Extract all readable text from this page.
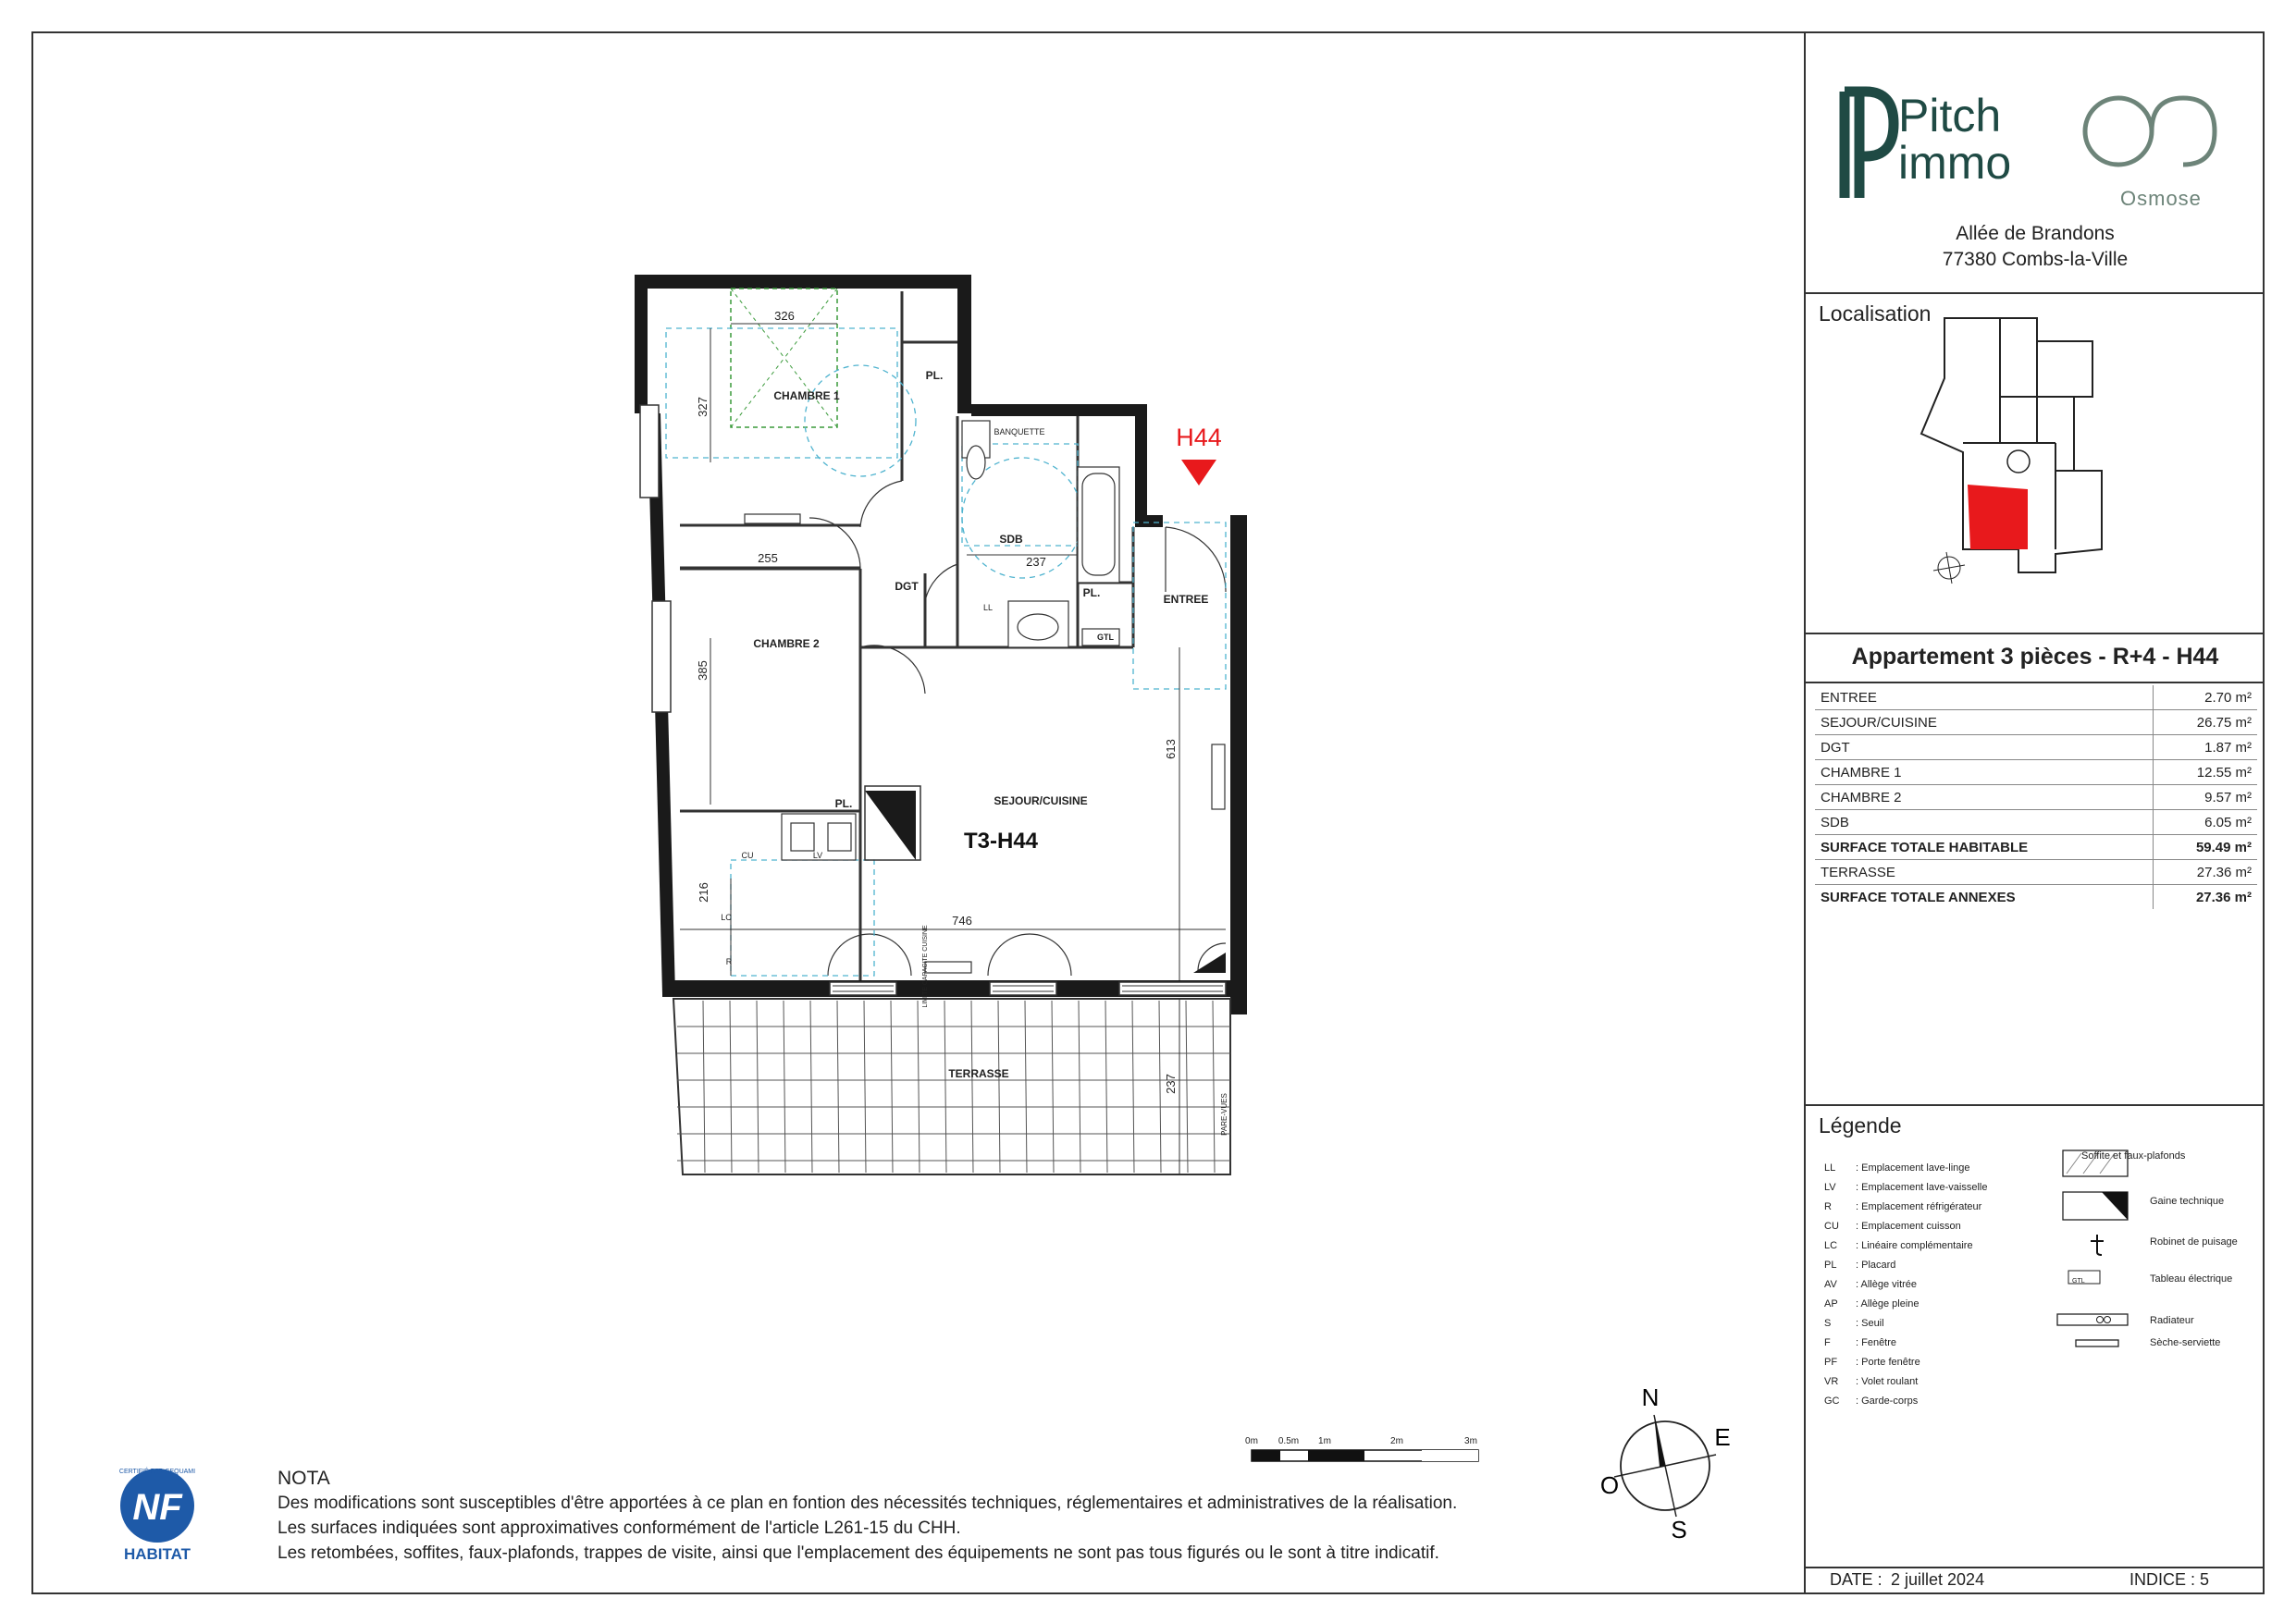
CHAMBRE 1
CHAMBRE 2
SDB
DGT
ENTREE
SEJOUR/CUISINE
TERRASSE
PL.
PL.
PL.
GTL
BANQUETTE
LL
LV
CU
LC
R	LIMITE CAPACITE CUISINE
PARE-VUES
326
327
255	237
385
613
216
746
237
T3-H44
H44
0m 0.5m 1m	2m	3m
N
E
S
O
NF
HABITAT
CERTIFIÉ PAR CEQUAMI	NOTA
Des modifications sont susceptibles d'être apportées à ce plan en fontion des nécessités techniques, réglementaires et administratives de la réalisation.
Les surfaces indiquées sont approximatives conformément de l'article L261-15 du CHH.
Les retombées, soffites, faux-plafonds, trappes de visite, ainsi que l'emplacement des équipements ne sont pas tous figurés ou le sont à titre indicatif.
Pitch
immo
Osmose
Allée de Brandons
77380 Combs-la-Ville
Localisation
Appartement 3 pièces - R+4 - H44
ENTREE	2.70 m²
SEJOUR/CUISINE	26.75 m²
DGT	1.87 m²
CHAMBRE 1	12.55 m²
CHAMBRE 2	9.57 m²
SDB	6.05 m²
SURFACE TOTALE HABITABLE	59.49 m²
TERRASSE	27.36 m²
SURFACE TOTALE ANNEXES	27.36 m²
Légende
LL : Emplacement lave-linge
LV : Emplacement lave-vaisselle
R : Emplacement réfrigérateur
CU : Emplacement cuisson
LC : Linéaire complémentaire
PL : Placard
AV : Allège vitrée
AP : Allège pleine
S : Seuil
F : Fenêtre
PF : Porte fenêtre
VR : Volet roulant
GC : Garde-corps
Soffite et faux-plafonds
Gaine technique
Robinet de puisage
Tableau électrique
GTL
Radiateur
Sèche-serviette
DATE : 2 juillet 2024	INDICE : 5
